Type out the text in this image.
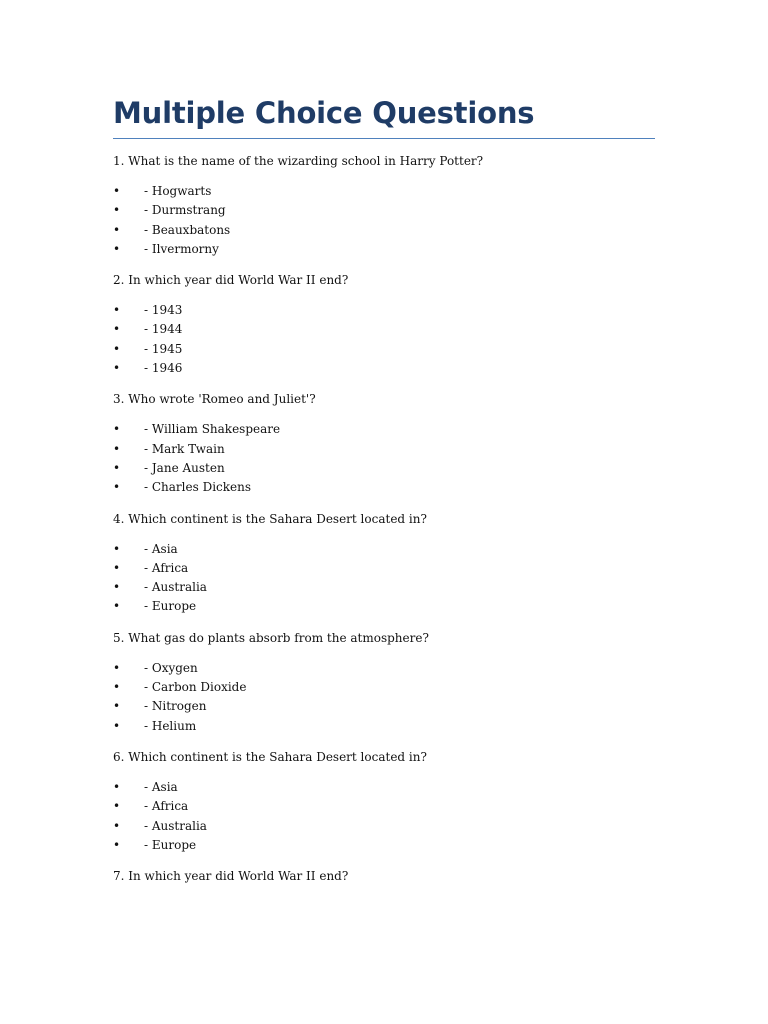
Multiple Choice Questions

1. What is the name of the wizarding school in Harry Potter?

• - Hogwarts
• - Durmstrang
• - Beauxbatons
• - Ilvermorny

2. In which year did World War II end?

• - 1943
• - 1944
• - 1945
• - 1946

3. Who wrote 'Romeo and Juliet'?

• - William Shakespeare
• - Mark Twain
• - Jane Austen
• - Charles Dickens

4. Which continent is the Sahara Desert located in?

• - Asia
• - Africa
• - Australia
• - Europe

5. What gas do plants absorb from the atmosphere?

• - Oxygen
• - Carbon Dioxide
• - Nitrogen
• - Helium

6. Which continent is the Sahara Desert located in?

• - Asia
• - Africa
• - Australia
• - Europe

7. In which year did World War II end?
